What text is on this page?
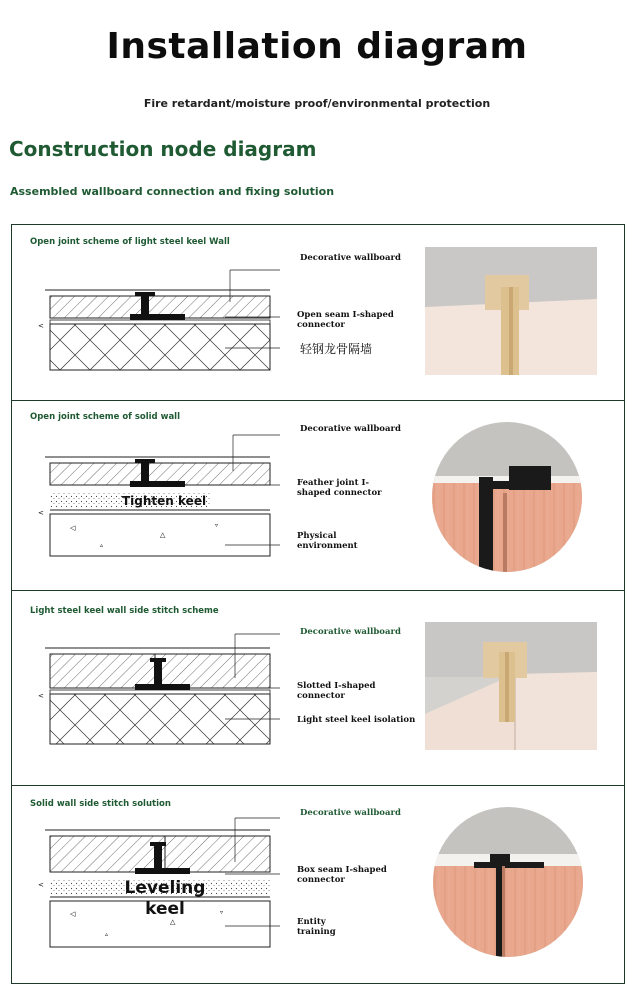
Installation diagram
Fire retardant/moisture proof/environmental protection
Construction node diagram
Assembled wallboard connection and fixing solution
Open joint scheme of light steel keel Wall
<
Decorative wallboard
Open seam I-shaped connector
轻钢龙骨隔墙
Open joint scheme of solid wall
◁
△
▵
▿
<
Tighten keel
Decorative wallboard
Feather joint I-shaped connector
Physical environment
Light steel keel wall side stitch scheme
<
Decorative wallboard
Slotted I-shaped connector
Light steel keel isolation
Solid wall side stitch solution
◁
△
▵
▿
<	Leveling keel
Decorative wallboard
Box seam I-shaped connector
Entity training
